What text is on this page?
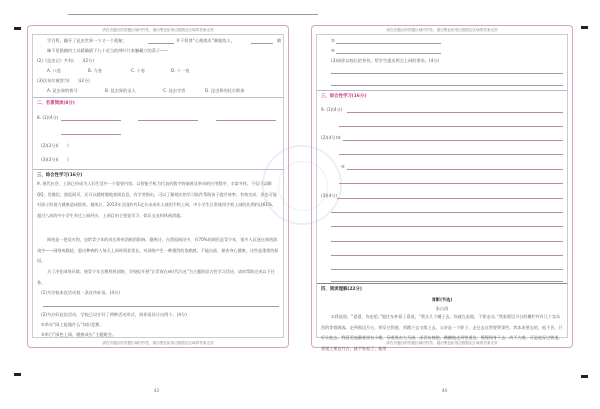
请在各题目的答题区域内作答，超出黑色矩形边框限定区域的答案无效
学百科，翻开了昆虫世界一个又一个奥秘；	并于科普“心理战术”制服敌人，	随
睐不见猎捕何工具精确猜下九十近当的两叶片来触藏穴的蒸子——
(2)《昆虫记》共有(　　)(2分)
A. 八卷	B. 九卷	C. 十卷	D. 十一卷
(3)法布尔被誉为(　　)(2分)
A. 昆虫界的荷马	B. 昆虫界的圣人	C. 昆虫学者	D. 昆虫界的托尔斯泰
二、名著阅读(8分)
8. (1)(4分)
(2)(2分)(　　)
(3)(2分)(　　)
三、综合性学习(16分)
9. 现代社会，上网已经成为人们生活中一个重要内容。以智能手机为代表的数字终端普及带动的应用程序，丰富多样，不仅可以聊QQ、发微信、浏览网页，还可以随时随地查阅信息。有学者指出，可以了解现实的学习软件帮助孩子提升效率，有效完成，但也可能对孩子的视力健康造成损害。据统计，2013年全国约有1亿名未成年人使用手机上网，中小学生日常使用手机上网的比例约达61%，超过八成的中小学生有过上网经历，上网目的主要是学习、娱乐交友和休闲消遣。
网络是一把双刃剑，也给青少年的成长带来消极的影响。据统计，在我国网民中，有70%的网民是青少年，很多人沉迷在网络游戏中——网络成瘾症。患这种病的人每天上网时间非常长，对网络产生一种强烈的依赖感，不能自拔，损害身心健康，这些是重要的原因。
为了净化网络环境，使青少年合理利用网络，学校拟开展“让青春在e时代闪光”为主题的综合性学习活动，请你帮助完成以下任务。
(1)为学校本次活动拟一条宣传标语。(4分)
(2)为办好此次活动，学校已设计好了两种活动形式，请你再设计出两个。(4分)
①举办“网上能做什么”知识竞赛。
②举行“绿色上网，健康成长”主题班会。
请在各题目的答题区域内作答，超出黑色矩形边框限定区域的答案无效
请在各题目的答题区域内作答，超出黑色矩形边框限定区域的答案无效
③
④
(3)请你以校长的身份，给学生提出两点上网的要求。(4分)
三、综合性学习(16分)
9. (1)(4分)
(2)(4分)③
④
(3)(4分)
四、阅读理解(22分)
背影(节选)
朱自清
①我说道，“爸爸，你走吧。”他往车外看了看说，“我买几个橘子去。你就在此地，不要走动。”我看那边月台的栅栏外有几个卖东西的等着顾客。走到那边月台，须穿过铁道，须跳下去又爬上去。父亲是一个胖子，走过去自然要费事些。我本来要去的，他不肯，只好让他去。我看见他戴着黑布小帽，穿着黑布大马褂，深青布棉袍，蹒跚地走到铁道边，慢慢探身下去，尚不大难。可是他穿过铁道，要爬上那边月台，就不容易了。他用
请在各题目的答题区域内作答，超出黑色矩形边框限定区域的答案无效
43	44
